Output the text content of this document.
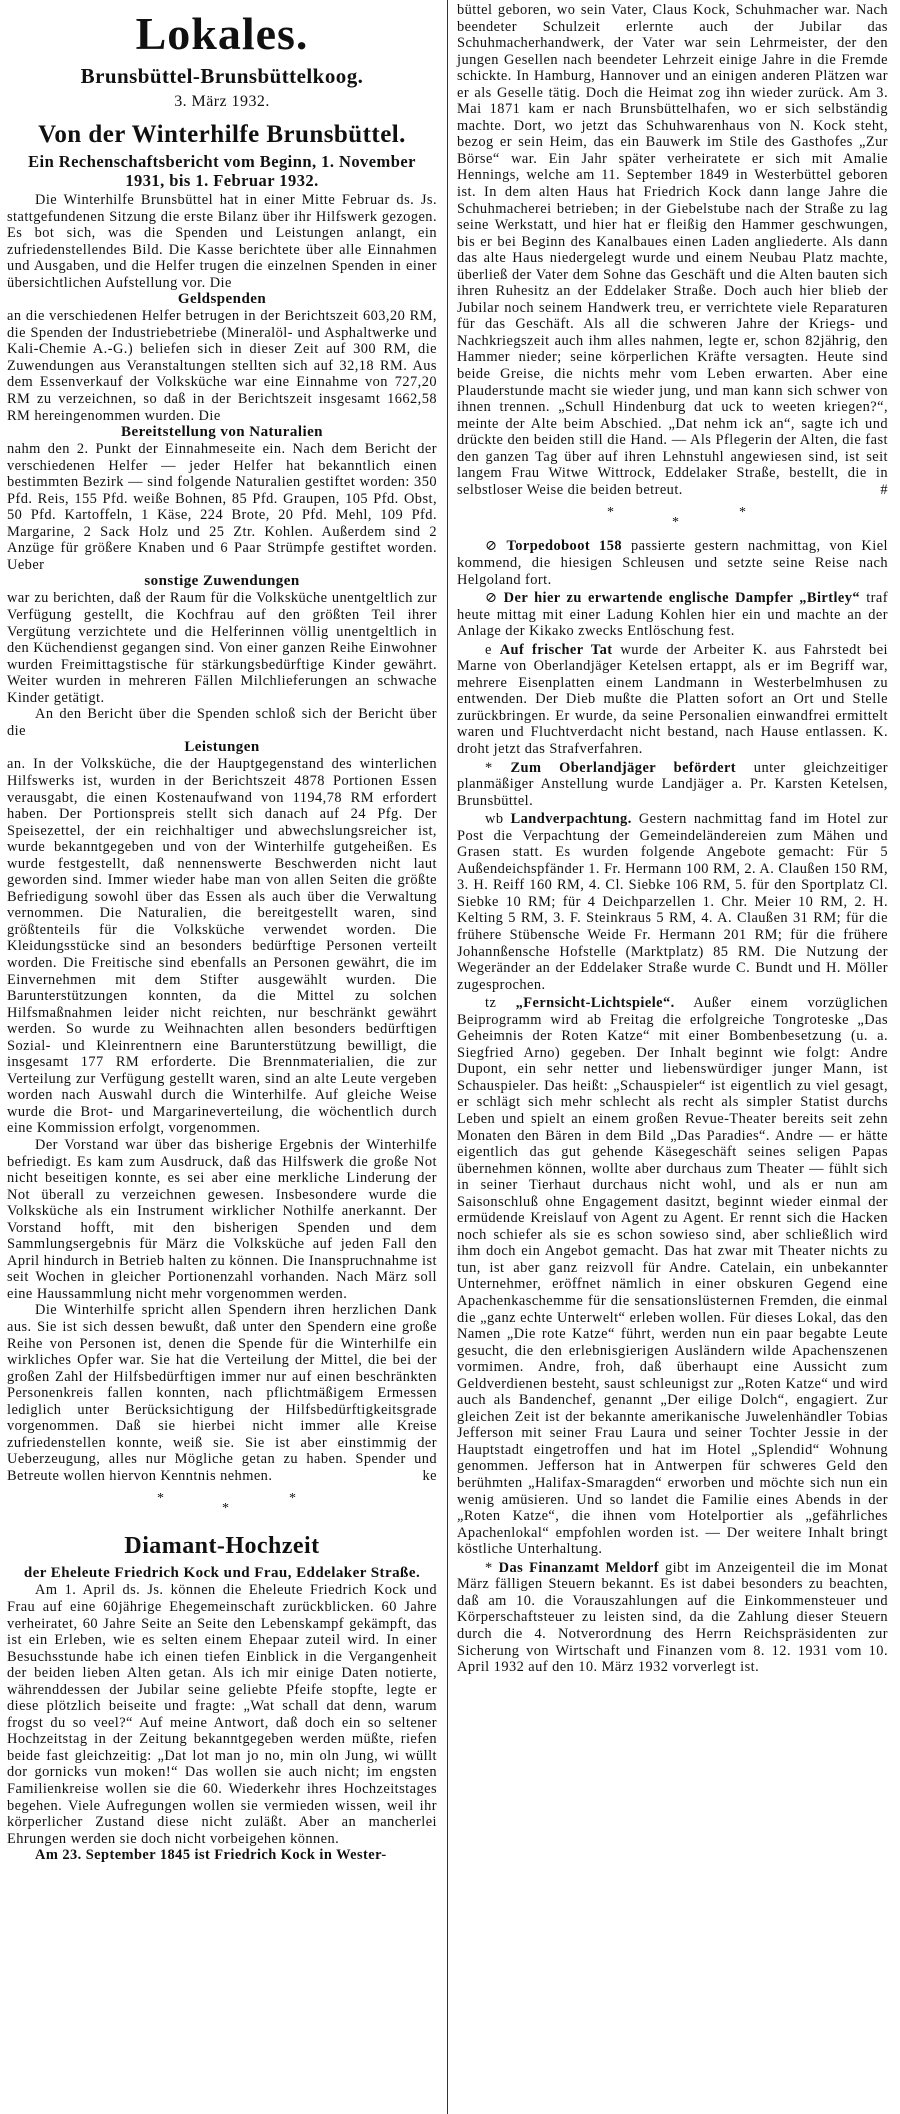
Lokales.
Brunsbüttel-Brunsbüttelkoog.
3. März 1932.
Von der Winterhilfe Brunsbüttel.
Ein Rechenschaftsbericht vom Beginn, 1. November 1931, bis 1. Februar 1932.

Die Winterhilfe Brunsbüttel hat in einer Mitte Februar ds. Js. stattgefundenen Sitzung die erste Bilanz über ihr Hilfswerk gezogen. Es bot sich, was die Spenden und Leistungen anlangt, ein zufriedenstellendes Bild. Die Kasse berichtete über alle Einnahmen und Ausgaben, und die Helfer trugen die einzelnen Spenden in einer übersichtlichen Aufstellung vor. Die

Geldspenden

an die verschiedenen Helfer betrugen in der Berichtszeit 603,20 RM, die Spenden der Industriebetriebe (Mineralöl- und Asphaltwerke und Kali-Chemie A.-G.) beliefen sich in dieser Zeit auf 300 RM, die Zuwendungen aus Veranstaltungen stellten sich auf 32,18 RM. Aus dem Essenverkauf der Volksküche war eine Einnahme von 727,20 RM zu verzeichnen, so daß in der Berichtszeit insgesamt 1662,58 RM hereingenommen wurden. Die

Bereitstellung von Naturalien

nahm den 2. Punkt der Einnahmeseite ein. Nach dem Bericht der verschiedenen Helfer — jeder Helfer hat bekanntlich einen bestimmten Bezirk — sind folgende Naturalien gestiftet worden: 350 Pfd. Reis, 155 Pfd. weiße Bohnen, 85 Pfd. Graupen, 105 Pfd. Obst, 50 Pfd. Kartoffeln, 1 Käse, 224 Brote, 20 Pfd. Mehl, 109 Pfd. Margarine, 2 Sack Holz und 25 Ztr. Kohlen. Außerdem sind 2 Anzüge für größere Knaben und 6 Paar Strümpfe gestiftet worden. Ueber

sonstige Zuwendungen

war zu berichten, daß der Raum für die Volksküche unentgeltlich zur Verfügung gestellt, die Kochfrau auf den größten Teil ihrer Vergütung verzichtete und die Helferinnen völlig unentgeltlich in den Küchendienst gegangen sind. Von einer ganzen Reihe Einwohner wurden Freimittagstische für stärkungsbedürftige Kinder gewährt. Weiter wurden in mehreren Fällen Milchlieferungen an schwache Kinder getätigt.

An den Bericht über die Spenden schloß sich der Bericht über die

Leistungen

an. In der Volksküche, die der Hauptgegenstand des winterlichen Hilfswerks ist, wurden in der Berichtszeit 4878 Portionen Essen verausgabt, die einen Kostenaufwand von 1194,78 RM erfordert haben. Der Portionspreis stellt sich danach auf 24 Pfg. Der Speisezettel, der ein reichhaltiger und abwechslungsreicher ist, wurde bekanntgegeben und von der Winterhilfe gutgeheißen. Es wurde festgestellt, daß nennenswerte Beschwerden nicht laut geworden sind. Immer wieder habe man von allen Seiten die größte Befriedigung sowohl über das Essen als auch über die Verwaltung vernommen. Die Naturalien, die bereitgestellt waren, sind größtenteils für die Volksküche verwendet worden. Die Kleidungsstücke sind an besonders bedürftige Personen verteilt worden. Die Freitische sind ebenfalls an Personen gewährt, die im Einvernehmen mit dem Stifter ausgewählt wurden. Die Barunterstützungen konnten, da die Mittel zu solchen Hilfsmaßnahmen leider nicht reichten, nur beschränkt gewährt werden. So wurde zu Weihnachten allen besonders bedürftigen Sozial- und Kleinrentnern eine Barunterstützung bewilligt, die insgesamt 177 RM erforderte. Die Brennmaterialien, die zur Verteilung zur Verfügung gestellt waren, sind an alte Leute vergeben worden nach Auswahl durch die Winterhilfe. Auf gleiche Weise wurde die Brot- und Margarineverteilung, die wöchentlich durch eine Kommission erfolgt, vorgenommen.

Der Vorstand war über das bisherige Ergebnis der Winterhilfe befriedigt. Es kam zum Ausdruck, daß das Hilfswerk die große Not nicht beseitigen konnte, es sei aber eine merkliche Linderung der Not überall zu verzeichnen gewesen. Insbesondere wurde die Volksküche als ein Instrument wirklicher Nothilfe anerkannt. Der Vorstand hofft, mit den bisherigen Spenden und dem Sammlungsergebnis für März die Volksküche auf jeden Fall den April hindurch in Betrieb halten zu können. Die Inanspruchnahme ist seit Wochen in gleicher Portionenzahl vorhanden. Nach März soll eine Haussammlung nicht mehr vorgenommen werden.

Die Winterhilfe spricht allen Spendern ihren herzlichen Dank aus. Sie ist sich dessen bewußt, daß unter den Spendern eine große Reihe von Personen ist, denen die Spende für die Winterhilfe ein wirkliches Opfer war. Sie hat die Verteilung der Mittel, die bei der großen Zahl der Hilfsbedürftigen immer nur auf einen beschränkten Personenkreis fallen konnten, nach pflichtmäßigem Ermessen lediglich unter Berücksichtigung der Hilfsbedürftigkeitsgrade vorgenommen. Daß sie hierbei nicht immer alle Kreise zufriedenstellen konnte, weiß sie. Sie ist aber einstimmig der Ueberzeugung, alles nur Mögliche getan zu haben. Spender und Betreute wollen hiervon Kenntnis nehmen.	ke

*
*
*
Diamant-Hochzeit
der Eheleute Friedrich Kock und Frau, Eddelaker Straße.

Am 1. April ds. Js. können die Eheleute Friedrich Kock und Frau auf eine 60jährige Ehegemeinschaft zurückblicken. 60 Jahre verheiratet, 60 Jahre Seite an Seite den Lebenskampf gekämpft, das ist ein Erleben, wie es selten einem Ehepaar zuteil wird. In einer Besuchsstunde habe ich einen tiefen Einblick in die Vergangenheit der beiden lieben Alten getan. Als ich mir einige Daten notierte, währenddessen der Jubilar seine geliebte Pfeife stopfte, legte er diese plötzlich beiseite und fragte: „Wat schall dat denn, warum frogst du so veel?“ Auf meine Antwort, daß doch ein so seltener Hochzeitstag in der Zeitung bekanntgegeben werden müßte, riefen beide fast gleichzeitig: „Dat lot man jo no, min oln Jung, wi wüllt dor gornicks vun moken!“ Das wollen sie auch nicht; im engsten Familienkreise wollen sie die 60. Wiederkehr ihres Hochzeitstages begehen. Viele Aufregungen wollen sie vermieden wissen, weil ihr körperlicher Zustand diese nicht zuläßt. Aber an mancherlei Ehrungen werden sie doch nicht vorbeigehen können.

Am 23. September 1845 ist Friedrich Kock in Wester-

büttel geboren, wo sein Vater, Claus Kock, Schuhmacher war. Nach beendeter Schulzeit erlernte auch der Jubilar das Schuhmacherhandwerk, der Vater war sein Lehrmeister, der den jungen Gesellen nach beendeter Lehrzeit einige Jahre in die Fremde schickte. In Hamburg, Hannover und an einigen anderen Plätzen war er als Geselle tätig. Doch die Heimat zog ihn wieder zurück. Am 3. Mai 1871 kam er nach Brunsbüttelhafen, wo er sich selbständig machte. Dort, wo jetzt das Schuhwarenhaus von N. Kock steht, bezog er sein Heim, das ein Bauwerk im Stile des Gasthofes „Zur Börse“ war. Ein Jahr später verheiratete er sich mit Amalie Hennings, welche am 11. September 1849 in Westerbüttel geboren ist. In dem alten Haus hat Friedrich Kock dann lange Jahre die Schuhmacherei betrieben; in der Giebelstube nach der Straße zu lag seine Werkstatt, und hier hat er fleißig den Hammer geschwungen, bis er bei Beginn des Kanalbaues einen Laden angliederte. Als dann das alte Haus niedergelegt wurde und einem Neubau Platz machte, überließ der Vater dem Sohne das Geschäft und die Alten bauten sich ihren Ruhesitz an der Eddelaker Straße. Doch auch hier blieb der Jubilar noch seinem Handwerk treu, er verrichtete viele Reparaturen für das Geschäft. Als all die schweren Jahre der Kriegs- und Nachkriegszeit auch ihm alles nahmen, legte er, schon 82jährig, den Hammer nieder; seine körperlichen Kräfte versagten. Heute sind beide Greise, die nichts mehr vom Leben erwarten. Aber eine Plauderstunde macht sie wieder jung, und man kann sich schwer von ihnen trennen. „Schull Hindenburg dat uck to weeten kriegen?“, meinte der Alte beim Abschied. „Dat nehm ick an“, sagte ich und drückte den beiden still die Hand. — Als Pflegerin der Alten, die fast den ganzen Tag über auf ihren Lehnstuhl angewiesen sind, ist seit langem Frau Witwe Wittrock, Eddelaker Straße, bestellt, die in selbstloser Weise die beiden betreut.	#

*
*
*

⊘ Torpedoboot 158 passierte gestern nachmittag, von Kiel kommend, die hiesigen Schleusen und setzte seine Reise nach Helgoland fort.

⊘ Der hier zu erwartende englische Dampfer „Birtley“ traf heute mittag mit einer Ladung Kohlen hier ein und machte an der Anlage der Kikako zwecks Entlöschung fest.

e Auf frischer Tat wurde der Arbeiter K. aus Fahrstedt bei Marne von Oberlandjäger Ketelsen ertappt, als er im Begriff war, mehrere Eisenplatten einem Landmann in Westerbelmhusen zu entwenden. Der Dieb mußte die Platten sofort an Ort und Stelle zurückbringen. Er wurde, da seine Personalien einwandfrei ermittelt waren und Fluchtverdacht nicht bestand, nach Hause entlassen. K. droht jetzt das Strafverfahren.

* Zum Oberlandjäger befördert unter gleichzeitiger planmäßiger Anstellung wurde Landjäger a. Pr. Karsten Ketelsen, Brunsbüttel.

wb Landverpachtung. Gestern nachmittag fand im Hotel zur Post die Verpachtung der Gemeindeländereien zum Mähen und Grasen statt. Es wurden folgende Angebote gemacht: Für 5 Außendeichspfänder 1. Fr. Hermann 100 RM, 2. A. Claußen 150 RM, 3. H. Reiff 160 RM, 4. Cl. Siebke 106 RM, 5. für den Sportplatz Cl. Siebke 10 RM; für 4 Deichparzellen 1. Chr. Meier 10 RM, 2. H. Kelting 5 RM, 3. F. Steinkraus 5 RM, 4. A. Claußen 31 RM; für die frühere Stübensche Weide Fr. Hermann 201 RM; für die frühere Johannßensche Hofstelle (Marktplatz) 85 RM. Die Nutzung der Wegeränder an der Eddelaker Straße wurde C. Bundt und H. Möller zugesprochen.

tz „Fernsicht-Lichtspiele“. Außer einem vorzüglichen Beiprogramm wird ab Freitag die erfolgreiche Tongroteske „Das Geheimnis der Roten Katze“ mit einer Bombenbesetzung (u. a. Siegfried Arno) gegeben. Der Inhalt beginnt wie folgt: Andre Dupont, ein sehr netter und liebenswürdiger junger Mann, ist Schauspieler. Das heißt: „Schauspieler“ ist eigentlich zu viel gesagt, er schlägt sich mehr schlecht als recht als simpler Statist durchs Leben und spielt an einem großen Revue-Theater bereits seit zehn Monaten den Bären in dem Bild „Das Paradies“. Andre — er hätte eigentlich das gut gehende Käsegeschäft seines seligen Papas übernehmen können, wollte aber durchaus zum Theater — fühlt sich in seiner Tierhaut durchaus nicht wohl, und als er nun am Saisonschluß ohne Engagement dasitzt, beginnt wieder einmal der ermüdende Kreislauf von Agent zu Agent. Er rennt sich die Hacken noch schiefer als sie es schon sowieso sind, aber schließlich wird ihm doch ein Angebot gemacht. Das hat zwar mit Theater nichts zu tun, ist aber ganz reizvoll für Andre. Catelain, ein unbekannter Unternehmer, eröffnet nämlich in einer obskuren Gegend eine Apachenkaschemme für die sensationslüsternen Fremden, die einmal die „ganz echte Unterwelt“ erleben wollen. Für dieses Lokal, das den Namen „Die rote Katze“ führt, werden nun ein paar begabte Leute gesucht, die den erlebnisgierigen Ausländern wilde Apachenszenen vormimen. Andre, froh, daß überhaupt eine Aussicht zum Geldverdienen besteht, saust schleunigst zur „Roten Katze“ und wird auch als Bandenchef, genannt „Der eilige Dolch“, engagiert. Zur gleichen Zeit ist der bekannte amerikanische Juwelenhändler Tobias Jefferson mit seiner Frau Laura und seiner Tochter Jessie in der Hauptstadt eingetroffen und hat im Hotel „Splendid“ Wohnung genommen. Jefferson hat in Antwerpen für schweres Geld den berühmten „Halifax-Smaragden“ erworben und möchte sich nun ein wenig amüsieren. Und so landet die Familie eines Abends in der „Roten Katze“, die ihnen vom Hotelportier als „gefährliches Apachenlokal“ empfohlen worden ist. — Der weitere Inhalt bringt köstliche Unterhaltung.

* Das Finanzamt Meldorf gibt im Anzeigenteil die im Monat März fälligen Steuern bekannt. Es ist dabei besonders zu beachten, daß am 10. die Vorauszahlungen auf die Einkommensteuer und Körperschaftsteuer zu leisten sind, da die Zahlung dieser Steuern durch die 4. Notverordnung des Herrn Reichspräsidenten zur Sicherung von Wirtschaft und Finanzen vom 8. 12. 1931 vom 10. April 1932 auf den 10. März 1932 vorverlegt ist.
